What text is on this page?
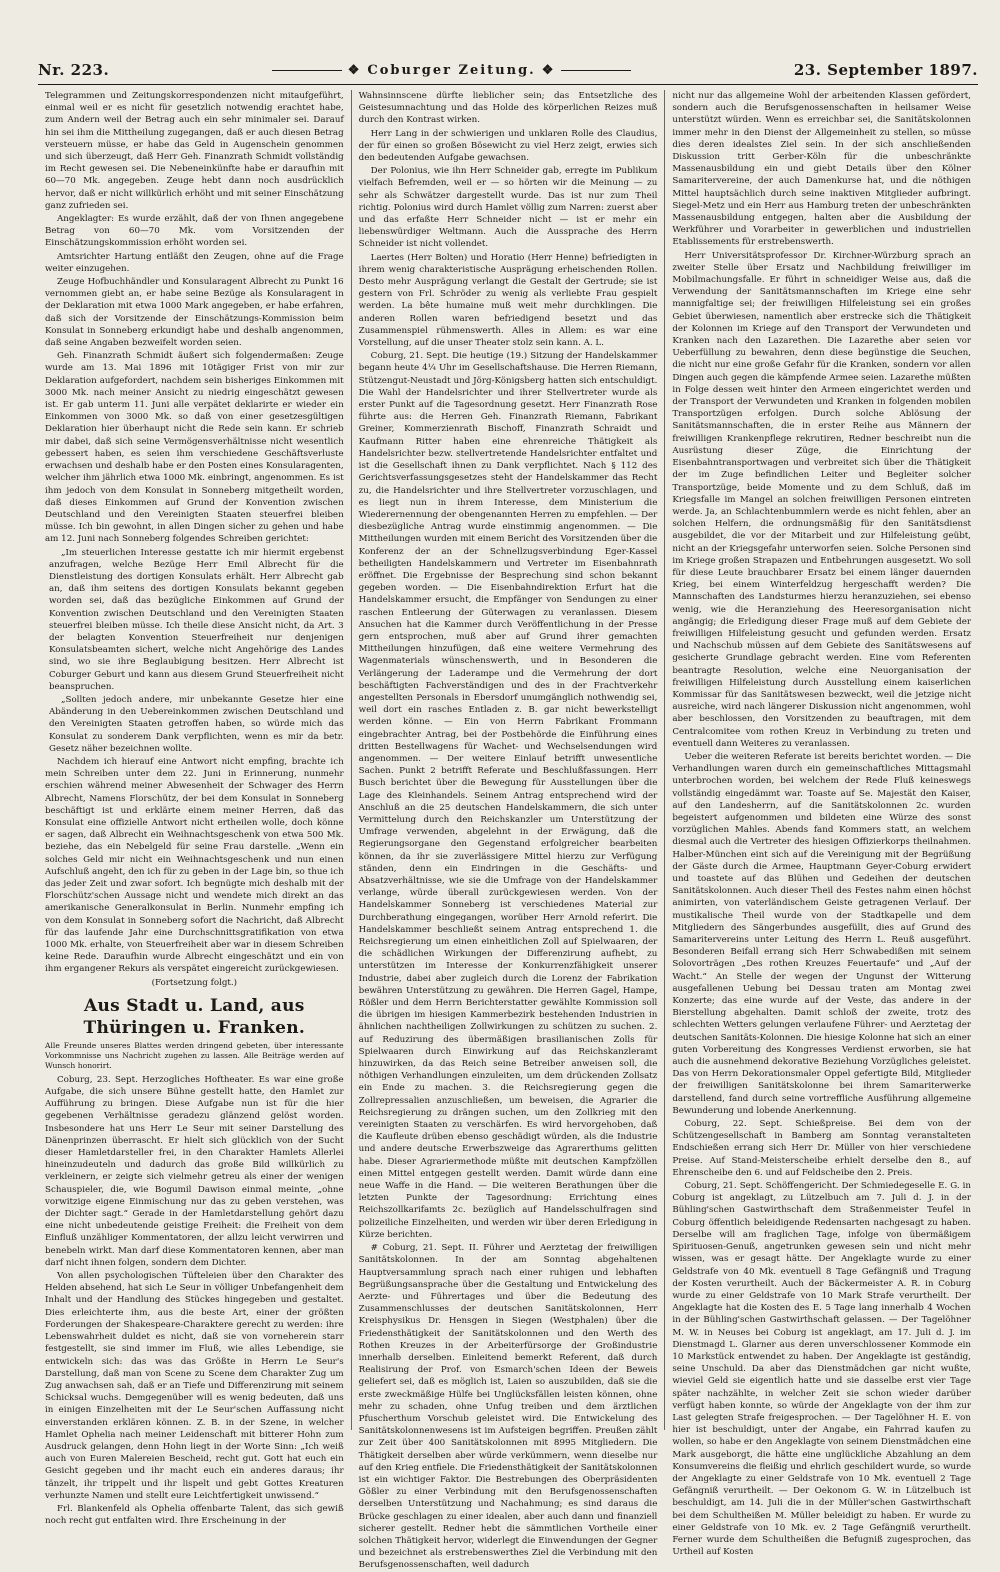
Nr. 223.	❖ Coburger Zeitung. ❖	23. September 1897.

Telegrammen und Zeitungskorrespondenzen nicht mitaufgeführt, einmal weil er es nicht für gesetzlich notwendig erachtet habe, zum Andern weil der Betrag auch ein sehr minimaler sei. Darauf hin sei ihm die Mittheilung zugegangen, daß er auch diesen Betrag versteuern müsse, er habe das Geld in Augenschein genommen und sich überzeugt, daß Herr Geh. Finanzrath Schmidt vollständig im Recht gewesen sei. Die Nebeneinkünfte habe er daraufhin mit 60—70 Mk. angegeben. Zeuge hebt dann noch ausdrücklich hervor, daß er nicht willkürlich erhöht und mit seiner Einschätzung ganz zufrieden sei.

Angeklagter: Es wurde erzählt, daß der von Ihnen angegebene Betrag von 60—70 Mk. vom Vorsitzenden der Einschätzungskommission erhöht worden sei.

Amtsrichter Hartung entläßt den Zeugen, ohne auf die Frage weiter einzugehen.

Zeuge Hofbuchhändler und Konsularagent Albrecht zu Punkt 16 vernommen giebt an, er habe seine Bezüge als Konsularagent in der Deklaration mit etwa 1000 Mark angegeben, er habe erfahren, daß sich der Vorsitzende der Einschätzungs-Kommission beim Konsulat in Sonneberg erkundigt habe und deshalb angenommen, daß seine Angaben bezweifelt worden seien.

Geh. Finanzrath Schmidt äußert sich folgendermaßen: Zeuge wurde am 13. Mai 1896 mit 10tägiger Frist von mir zur Deklaration aufgefordert, nachdem sein bisheriges Einkommen mit 3000 Mk. nach meiner Ansicht zu niedrig eingeschätzt gewesen ist. Er gab unterm 11. Juni alle verpätet deklarirte er wieder ein Einkommen von 3000 Mk. so daß von einer gesetzesgültigen Deklaration hier überhaupt nicht die Rede sein kann. Er schrieb mir dabei, daß sich seine Vermögensverhältnisse nicht wesentlich gebessert haben, es seien ihm verschiedene Geschäftsverluste erwachsen und deshalb habe er den Posten eines Konsularagenten, welcher ihm jährlich etwa 1000 Mk. einbringt, angenommen. Es ist ihm jedoch von dem Konsulat in Sonneberg mitgetheilt worden, daß dieses Einkommen auf Grund der Konvention zwischen Deutschland und den Vereinigten Staaten steuerfrei bleiben müsse. Ich bin gewohnt, in allen Dingen sicher zu gehen und habe am 12. Juni nach Sonneberg folgendes Schreiben gerichtet:

„Im steuerlichen Interesse gestatte ich mir hiermit ergebenst anzufragen, welche Bezüge Herr Emil Albrecht für die Dienstleistung des dortigen Konsulats erhält. Herr Albrecht gab an, daß ihm seitens des dortigen Konsulats bekannt gegeben worden sei, daß das bezügliche Einkommen auf Grund der Konvention zwischen Deutschland und den Vereinigten Staaten steuerfrei bleiben müsse. Ich theile diese Ansicht nicht, da Art. 3 der belagten Konvention Steuerfreiheit nur denjenigen Konsulatsbeamten sichert, welche nicht Angehörige des Landes sind, wo sie ihre Beglaubigung besitzen. Herr Albrecht ist Coburger Geburt und kann aus diesem Grund Steuerfreiheit nicht beanspruchen.

„Sollten jedoch andere, mir unbekannte Gesetze hier eine Abänderung in den Uebereinkommen zwischen Deutschland und den Vereinigten Staaten getroffen haben, so würde mich das Konsulat zu sonderem Dank verpflichten, wenn es mir da betr. Gesetz näher bezeichnen wollte.

Nachdem ich hierauf eine Antwort nicht empfing, brachte ich mein Schreiben unter dem 22. Juni in Erinnerung, nunmehr erschien während meiner Abwesenheit der Schwager des Herrn Albrecht, Namens Florschütz, der bei dem Konsulat in Sonneberg beschäftigt ist und erklärte einem meiner Herren, daß das Konsulat eine offizielle Antwort nicht ertheilen wolle, doch könne er sagen, daß Albrecht ein Weihnachtsgeschenk von etwa 500 Mk. beziehe, das ein Nebelgeld für seine Frau darstelle. „Wenn ein solches Geld mir nicht ein Weihnachtsgeschenk und nun einen Aufschluß angeht, den ich für zu geben in der Lage bin, so thue ich das jeder Zeit und zwar sofort. Ich begnügte mich deshalb mit der Florschütz'schen Aussage nicht und wendete mich direkt an das amerikanische Generalkonsulat in Berlin. Nunmehr empfing ich von dem Konsulat in Sonneberg sofort die Nachricht, daß Albrecht für das laufende Jahr eine Durchschnittsgratifikation von etwa 1000 Mk. erhalte, von Steuerfreiheit aber war in diesem Schreiben keine Rede. Daraufhin wurde Albrecht eingeschätzt und ein von ihm ergangener Rekurs als verspätet eingereicht zurückgewiesen.

(Fortsetzung folgt.)
Aus Stadt u. Land, aus Thüringen u. Franken.
Alle Freunde unseres Blattes werden dringend gebeten, über interessante Vorkommnisse uns Nachricht zugehen zu lassen. Alle Beiträge werden auf Wunsch honorirt.

Coburg, 23. Sept. Herzogliches Hoftheater. Es war eine große Aufgabe, die sich unsere Bühne gestellt hatte, den Hamlet zur Aufführung zu bringen. Diese Aufgabe nun ist für die hier gegebenen Verhältnisse geradezu glänzend gelöst worden. Insbesondere hat uns Herr Le Seur mit seiner Darstellung des Dänenprinzen überrascht. Er hielt sich glücklich von der Sucht dieser Hamletdarsteller frei, in den Charakter Hamlets Allerlei hineinzudeuteln und dadurch das große Bild willkürlich zu verkleinern, er zeigte sich vielmehr getreu als einer der wenigen Schauspieler, die, wie Bogumil Dawison einmal meinte, „ohne vorwitzige eigene Einmischung nur das zu geben verstehen, was der Dichter sagt.“ Gerade in der Hamletdarstellung gehört dazu eine nicht unbedeutende geistige Freiheit: die Freiheit von dem Einfluß unzähliger Kommentatoren, der allzu leicht verwirren und benebeln wirkt. Man darf diese Kommentatoren kennen, aber man darf nicht ihnen folgen, sondern dem Dichter.

Von allen psychologischen Tüfteleien über den Charakter des Helden absehend, hat sich Le Seur in völliger Unbefangenheit dem Inhalt und der Handlung des Stückes hingegeben und gestaltet. Dies erleichterte ihm, aus die beste Art, einer der größten Forderungen der Shakespeare-Charaktere gerecht zu werden: ihre Lebenswahrheit duldet es nicht, daß sie von vorneherein starr festgestellt, sie sind immer im Fluß, wie alles Lebendige, sie entwickeln sich: das was das Größte in Herrn Le Seur's Darstellung, daß man von Scene zu Scene dem Charakter Zug um Zug anwachsen sah, daß er an Tiefe und Differenzirung mit seinem Schicksal wuchs. Demgegenüber will es wenig bedeuten, daß uns in einigen Einzelheiten mit der Le Seur'schen Auffassung nicht einverstanden erklären können. Z. B. in der Szene, in welcher Hamlet Ophelia nach meiner Leidenschaft mit bitterer Hohn zum Ausdruck gelangen, denn Hohn liegt in der Worte Sinn: „Ich weiß auch von Euren Malereien Bescheid, recht gut. Gott hat euch ein Gesicht gegeben und ihr macht euch ein anderes daraus; ihr tänzelt, ihr trippelt und ihr lispelt und gebt Gottes Kreaturen verhunzte Namen und stellt eure Leichtfertigkeit unwissend.“

Frl. Blankenfeld als Ophelia offenbarte Talent, das sich gewiß noch recht gut entfalten wird. Ihre Erscheinung in der

Wahnsinnscene dürfte lieblicher sein; das Entsetzliche des Geistesumnachtung und das Holde des körperlichen Reizes muß durch den Kontrast wirken.

Herr Lang in der schwierigen und unklaren Rolle des Claudius, der für einen so großen Bösewicht zu viel Herz zeigt, erwies sich den bedeutenden Aufgabe gewachsen.

Der Polonius, wie ihn Herr Schneider gab, erregte im Publikum vielfach Befremden, weil er — so hörten wir die Meinung — zu sehr als Schwätzer dargestellt wurde. Das ist nur zum Theil richtig. Polonius wird durch Hamlet völlig zum Narren: zuerst aber und das erfaßte Herr Schneider nicht — ist er mehr ein liebenswürdiger Weltmann. Auch die Aussprache des Herrn Schneider ist nicht vollendet.

Laertes (Herr Bolten) und Horatio (Herr Henne) befriedigten in ihrem wenig charakteristische Ausprägung erheischenden Rollen. Desto mehr Ausprägung verlangt die Gestalt der Gertrude; sie ist gestern von Frl. Schröder zu wenig als verliebte Frau gespielt werden. La bête humaine muß weit mehr durchklingen. Die anderen Rollen waren befriedigend besetzt und das Zusammenspiel rühmenswerth. Alles in Allem: es war eine Vorstellung, auf die unser Theater stolz sein kann. A. L.

Coburg, 21. Sept. Die heutige (19.) Sitzung der Handelskammer begann heute 4¼ Uhr im Gesellschaftshause. Die Herren Riemann, Stützengut-Neustadt und Jörg-Königsberg hatten sich entschuldigt. Die Wahl der Handelsrichter und ihrer Stellvertreter wurde als erster Punkt auf die Tagesordnung gesetzt. Herr Finanzrath Rose führte aus: die Herren Geh. Finanzrath Riemann, Fabrikant Greiner, Kommerzienrath Bischoff, Finanzrath Schraidt und Kaufmann Ritter haben eine ehrenreiche Thätigkeit als Handelsrichter bezw. stellvertretende Handelsrichter entfaltet und ist die Gesellschaft ihnen zu Dank verpflichtet. Nach § 112 des Gerichtsverfassungsgesetzes steht der Handelskammer das Recht zu, die Handelsrichter und ihre Stellvertreter vorzuschlagen, und es liegt nun in ihrem Interesse, dem Ministerium die Wiederernennung der obengenannten Herren zu empfehlen. — Der diesbezügliche Antrag wurde einstimmig angenommen. — Die Mittheilungen wurden mit einem Bericht des Vorsitzenden über die Konferenz der an der Schnellzugsverbindung Eger-Kassel betheiligten Handelskammern und Vertreter im Eisenbahnrath eröffnet. Die Ergebnisse der Besprechung sind schon bekannt gegeben worden. — Die Eisenbahndirektion Erfurt hat die Handelskammer ersucht, die Empfänger von Sendungen zu einer raschen Entleerung der Güterwagen zu veranlassen. Diesem Ansuchen hat die Kammer durch Veröffentlichung in der Presse gern entsprochen, muß aber auf Grund ihrer gemachten Mittheilungen hinzufügen, daß eine weitere Vermehrung des Wagenmaterials wünschenswerth, und in Besonderen die Verlängerung der Laderampe und die Vermehrung der dort beschäftigten Fachverständigen und des in der Frachtverkehr angestellten Personals in Ebersdorf unumgänglich nothwendig sei, weil dort ein rasches Entladen z. B. gar nicht bewerkstelligt werden könne. — Ein von Herrn Fabrikant Frommann eingebrachter Antrag, bei der Postbehörde die Einführung eines dritten Bestellwagens für Wachet- und Wechselsendungen wird angenommen. — Der weitere Einlauf betrifft unwesentliche Sachen. Punkt 2 betrifft Referate und Beschlußfassungen. Herr Busch berichtet über die Bewegung für Ausstellungen über die Lage des Kleinhandels. Seinem Antrag entsprechend wird der Anschluß an die 25 deutschen Handelskammern, die sich unter Vermittelung durch den Reichskanzler um Unterstützung der Umfrage verwenden, abgelehnt in der Erwägung, daß die Regierungsorgane den Gegenstand erfolgreicher bearbeiten können, da ihr sie zuverlässigere Mittel hierzu zur Verfügung ständen, denn ein Eindringen in die Geschäfts- und Absatzverhältnisse, wie sie die Umfrage von der Handelskammer verlange, würde überall zurückgewiesen werden. Von der Handelskammer Sonneberg ist verschiedenes Material zur Durchberathung eingegangen, worüber Herr Arnold referirt. Die Handelskammer beschließt seinem Antrag entsprechend 1. die Reichsregierung um einen einheitlichen Zoll auf Spielwaaren, der die schädlichen Wirkungen der Differenzirung aufhebt, zu unterstützen im Interesse der Konkurrenzfähigkeit unserer Industrie, dabei aber zugleich durch die Lorenz der Fabrikation bewähren Unterstützung zu gewähren. Die Herren Gagel, Hampe, Rößler und dem Herrn Berichterstatter gewählte Kommission soll die übrigen im hiesigen Kammerbezirk bestehenden Industrien in ähnlichen nachtheiligen Zollwirkungen zu schützen zu suchen. 2. auf Reduzirung des übermäßigen brasilianischen Zolls für Spielwaaren durch Einwirkung auf das Reichskanzleramt hinzuwirken, da das Reich seine Betreiber anweisen soll, die nöthigen Verhandlungen einzuleiten, um dem drückenden Zollsatz ein Ende zu machen. 3. die Reichsregierung gegen die Zollrepressalien anzuschließen, um beweisen, die Agrarier die Reichsregierung zu drängen suchen, um den Zollkrieg mit den vereinigten Staaten zu verschärfen. Es wird hervorgehoben, daß die Kaufleute drüben ebenso geschädigt würden, als die Industrie und andere deutsche Erwerbszweige das Agrarerthums gelitten habe. Dieser Agrariermethode müßte mit deutschen Kampfzöllen einen Mittel entgegen gestellt werden. Damit würde dann eine neue Waffe in die Hand. — Die weiteren Berathungen über die letzten Punkte der Tagesordnung: Errichtung eines Reichszollkarifamts 2c. bezüglich auf Handelsschulfragen sind polizeiliche Einzelheiten, und werden wir über deren Erledigung in Kürze berichten.

# Coburg, 21. Sept. II. Führer und Aerztetag der freiwilligen Sanitätskolonnen. In der am Sonntag abgehaltenen Hauptversammlung sprach nach einer ruhigen und lebhaften Begrüßungsansprache über die Gestaltung und Entwickelung des Aerzte- und Führertages und über die Bedeutung des Zusammenschlusses der deutschen Sanitätskolonnen, Herr Kreisphysikus Dr. Hensgen in Siegen (Westphalen) über die Friedensthätigkeit der Sanitätskolonnen und den Werth des Rothen Kreuzes in der Arbeiterfürsorge der Großindustrie innerhalb derselben. Einleitend bemerkt Referent, daß durch Realisirung der Prof. von Esmarch'schen Ideen der Beweis geliefert sei, daß es möglich ist, Laien so auszubilden, daß sie die erste zweckmäßige Hülfe bei Unglücksfällen leisten können, ohne mehr zu schaden, ohne Unfug treiben und dem ärztlichen Pfuscherthum Vorschub geleistet wird. Die Entwickelung des Sanitätskolonnenwesens ist im Aufsteigen begriffen. Preußen zählt zur Zeit über 400 Sanitätskolonnen mit 8995 Mitgliedern. Die Thätigkeit derselben aber würde verkümmern, wenn dieselbe nur auf den Krieg entfiele. Die Friedensthätigkeit der Sanitätskolonnen ist ein wichtiger Faktor. Die Bestrebungen des Oberpräsidenten Gößler zu einer Verbindung mit den Berufsgenossenschaften derselben Unterstützung und Nachahmung; es sind daraus die Brücke geschlagen zu einer idealen, aber auch dann und finanziell sicherer gestellt. Redner hebt die sämmtlichen Vortheile einer solchen Thätigkeit hervor, widerlegt die Einwendungen der Gegner und bezeichnet als erstrebenswerthes Ziel die Verbindung mit den Berufsgenossenschaften, weil dadurch

nicht nur das allgemeine Wohl der arbeitenden Klassen gefördert, sondern auch die Berufsgenossenschaften in heilsamer Weise unterstützt würden. Wenn es erreichbar sei, die Sanitätskolonnen immer mehr in den Dienst der Allgemeinheit zu stellen, so müsse dies deren idealstes Ziel sein. In der sich anschließenden Diskussion tritt Gerber-Köln für die unbeschränkte Massenausbildung ein und giebt Details über den Kölner Samaritervereine, der auch Damenkurse hat, und die nöthigen Mittel hauptsächlich durch seine inaktiven Mitglieder aufbringt. Siegel-Metz und ein Herr aus Hamburg treten der unbeschränkten Massenausbildung entgegen, halten aber die Ausbildung der Werkführer und Vorarbeiter in gewerblichen und industriellen Etablissements für erstrebenswerth.

Herr Universitätsprofessor Dr. Kirchner-Würzburg sprach an zweiter Stelle über Ersatz und Nachbildung freiwilliger im Mobilmachungsfalle. Er führt in schneidiger Weise aus, daß die Verwendung der Sanitätsmannschaften im Kriege eine sehr mannigfaltige sei; der freiwilligen Hilfeleistung sei ein großes Gebiet überwiesen, namentlich aber erstrecke sich die Thätigkeit der Kolonnen im Kriege auf den Transport der Verwundeten und Kranken nach den Lazarethen. Die Lazarethe aber seien vor Ueberfüllung zu bewahren, denn diese begünstige die Seuchen, die nicht nur eine große Gefahr für die Kranken, sondern vor allen Dingen auch gegen die kämpfende Armee seien. Lazarethe müßten in Folge dessen weit hinter den Armeen eingerichtet werden und der Transport der Verwundeten und Kranken in folgenden mobilen Transportzügen erfolgen. Durch solche Ablösung der Sanitätsmannschaften, die in erster Reihe aus Männern der freiwilligen Krankenpflege rekrutiren, Redner beschreibt nun die Ausrüstung dieser Züge, die Einrichtung der Eisenbahntransportwagen und verbreitet sich über die Thätigkeit der im Zuge befindlichen Leiter und Begleiter solcher Transportzüge, beide Momente und zu dem Schluß, daß im Kriegsfalle im Mangel an solchen freiwilligen Personen eintreten werde. Ja, an Schlachtenbummlern werde es nicht fehlen, aber an solchen Helfern, die ordnungsmäßig für den Sanitätsdienst ausgebildet, die vor der Mitarbeit und zur Hilfeleistung geübt, nicht an der Kriegsgefahr unterworfen seien. Solche Personen sind im Kriege großen Strapazen und Entbehrungen ausgesetzt. Wo soll für diese Leute brauchbarer Ersatz bei einem länger dauernden Krieg, bei einem Winterfeldzug hergeschafft werden? Die Mannschaften des Landsturmes hierzu heranzuziehen, sei ebenso wenig, wie die Heranziehung des Heeresorganisation nicht angängig; die Erledigung dieser Frage muß auf dem Gebiete der freiwilligen Hilfeleistung gesucht und gefunden werden. Ersatz und Nachschub müssen auf dem Gebiete des Sanitätswesens auf gesicherte Grundlage gebracht werden. Eine vom Referenten beantragte Resolution, welche eine Neuorganisation der freiwilligen Hilfeleistung durch Ausstellung einem kaiserlichen Kommissar für das Sanitätswesen bezweckt, weil die jetzige nicht ausreiche, wird nach längerer Diskussion nicht angenommen, wohl aber beschlossen, den Vorsitzenden zu beauftragen, mit dem Centralcomitee vom rothen Kreuz in Verbindung zu treten und eventuell dann Weiteres zu veranlassen.

Ueber die weiteren Referate ist bereits berichtet worden. — Die Verhandlungen waren durch ein gemeinschaftliches Mittagsmahl unterbrochen worden, bei welchem der Rede Fluß keineswegs vollständig eingedämmt war. Toaste auf Se. Majestät den Kaiser, auf den Landesherrn, auf die Sanitätskolonnen 2c. wurden begeistert aufgenommen und bildeten eine Würze des sonst vorzüglichen Mahles. Abends fand Kommers statt, an welchem diesmal auch die Vertreter des hiesigen Offizierkorps theilnahmen. Halber-München eint sich auf die Vereinigung mit der Begrüßung der Gäste durch die Armee, Hauptmann Geyer-Coburg erwidert und toastete auf das Blühen und Gedeihen der deutschen Sanitätskolonnen. Auch dieser Theil des Festes nahm einen höchst animirten, von vaterländischem Geiste getragenen Verlauf. Der mustikalische Theil wurde von der Stadtkapelle und dem Mitgliedern des Sängerbundes ausgefüllt, dies auf Grund des Samaritervereins unter Leitung des Herrn L. Reuß ausgeführt. Besonderen Beifall errang sich Herr Schwabedißen mit seinem Solovorträgen „Des rothen Kreuzes Feuertaufe“ und „Auf der Wacht.“ An Stelle der wegen der Ungunst der Witterung ausgefallenen Uebung bei Dessau traten am Montag zwei Konzerte; das eine wurde auf der Veste, das andere in der Bierstellung abgehalten. Damit schloß der zweite, trotz des schlechten Wetters gelungen verlaufene Führer- und Aerztetag der deutschen Sanitäts-Kolonnen. Die hiesige Kolonne hat sich an einer guten Vorbereitung des Kongresses Verdienst erworben, sie hat auch die ausnehmend dekorative Beziehung Vorzügliches geleistet. Das von Herrn Dekorationsmaler Oppel gefertigte Bild, Mitglieder der freiwilligen Sanitätskolonne bei ihrem Samariterwerke darstellend, fand durch seine vortreffliche Ausführung allgemeine Bewunderung und lobende Anerkennung.

Coburg, 22. Sept. Schießpreise. Bei dem von der Schützengesellschaft in Bamberg am Sonntag veranstalteten Endschießen errang sich Herr Dr. Müller von hier verschiedene Preise. Auf Stand-Meisterscheibe erhielt derselbe den 8., auf Ehrenscheibe den 6. und auf Feldscheibe den 2. Preis.

Coburg, 21. Sept. Schöffengericht. Der Schmiedegeselle E. G. in Coburg ist angeklagt, zu Lützelbuch am 7. Juli d. J. in der Bühling'schen Gastwirthschaft dem Straßenmeister Teufel in Coburg öffentlich beleidigende Redensarten nachgesagt zu haben. Derselbe will am fraglichen Tage, infolge von übermäßigem Spirituosen-Genuß, angetrunken gewesen sein und nicht mehr wissen, was er gesagt hätte. Der Angeklagte wurde zu einer Geldstrafe von 40 Mk. eventuell 8 Tage Gefängniß und Tragung der Kosten verurtheilt. Auch der Bäckermeister A. R. in Coburg wurde zu einer Geldstrafe von 10 Mark Strafe verurtheilt. Der Angeklagte hat die Kosten des E. 5 Tage lang innerhalb 4 Wochen in der Bühling'schen Gastwirthschaft gelassen. — Der Tagelöhner M. W. in Neuses bei Coburg ist angeklagt, am 17. Juli d. J. im Dienstmagd L. Glarner aus deren unverschlossener Kommode ein 10 Markstück entwendet zu haben. Der Angeklagte ist geständig, seine Unschuld. Da aber das Dienstmädchen gar nicht wußte, wieviel Geld sie eigentlich hatte und sie dasselbe erst vier Tage später nachzählte, in welcher Zeit sie schon wieder darüber verfügt haben konnte, so würde der Angeklagte von der ihm zur Last gelegten Strafe freigesprochen. — Der Tagelöhner H. E. von hier ist beschuldigt, unter der Angabe, ein Fahrrad kaufen zu wollen, so habe er den Angeklagte von seinem Dienstmädchen eine Mark ausgeborgt, die hätte eine unglückliche Abzahlung an dem Konsumvereins die fleißig und ehrlich geschildert wurde, so wurde der Angeklagte zu einer Geldstrafe von 10 Mk. eventuell 2 Tage Gefängniß verurtheilt. — Der Oekonom G. W. in Lützelbuch ist beschuldigt, am 14. Juli die in der Müller'schen Gastwirthschaft bei dem Schultheißen M. Müller beleidigt zu haben. Er wurde zu einer Geldstrafe von 10 Mk. ev. 2 Tage Gefängniß verurtheilt. Ferner wurde dem Schultheißen die Befugniß zugesprochen, das Urtheil auf Kosten
